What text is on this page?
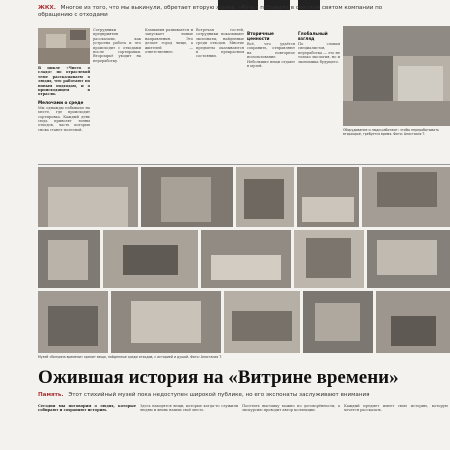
ЖКХ. Многое из того, что мы выкинули, обретает вторую жизнь. «Речь» побывала в светлом святом компании по обращению с отходами

В цикле «Чисто о сладо» по отраслевой теме рассказываем о людях, что работают по новым подходам, и о происходящем в отрасли.

Мелочами о среде

Мы однажды побывали на месте, где происходит сортировка. Каждый день сюда привозят тонны отходов, часть которых снова станет полезной.

Сотрудники предприятия рассказали, как устроена работа и что происходит с отходами после сортировки. Вторсырьё уходит на переработку.

Компания развивается и запускает новые направления. Это делает город чище, а жителей — ответственнее.

Встречая гостей, сотрудники показывают экспонаты, найденные среди отходов. Многие предметы оказываются в прекрасном состоянии.

Вторичные ценности

Всё, что удаётся сохранить, отправляют на повторное использование. Небольшие вещи отдают в музей.

Глобальный взгляд

По словам специалистов, переработка — это не только экология, но и экономика будущего.

Оборудование и люди работают: чтобы перерабатывать вторсырьё, требуется время. Фото: Анастасия Т.
Музей «Витрина времени» хранит вещи, найденные среди отходов, с историей и душой. Фото: Анастасия Т.
Ожившая история на «Витрине времени»
Память. Этот стихийный музей пока недоступен широкой публике, но его экспонаты заслуживают внимания

Сегодня мы поговорим о людях, которые собирают и сохраняют историю.

Здесь находятся вещи, которые когда-то служили людям и вновь нашли своё место.

Посетить выставку можно по договорённости, а экскурсию проводит автор коллекции.

Каждый предмет имеет свою историю, которую хочется рассказать.
